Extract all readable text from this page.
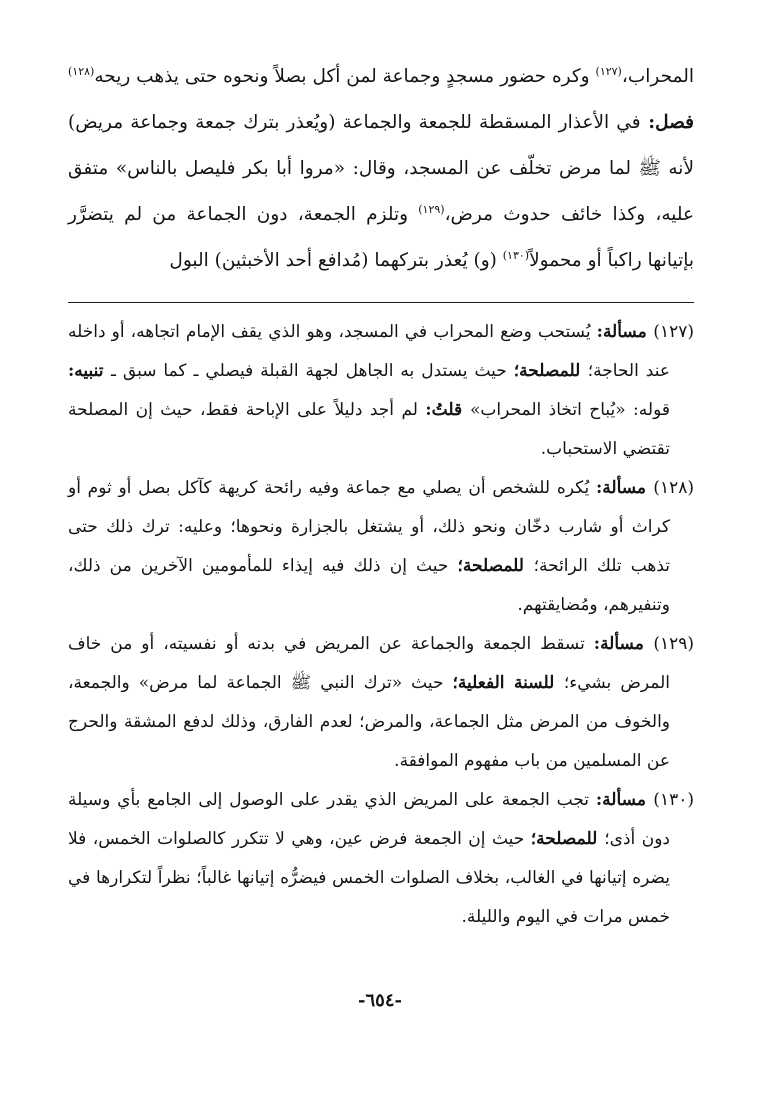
المحراب،$^{(١٢٧)}$ وكره حضور مسجدٍ وجماعة لمن أكل بصلاً ونحوه حتى يذهب ريحه$^{(١٢٨)}$ فصل: في الأعذار المسقطة للجمعة والجماعة (ويُعذر بترك جمعة وجماعة مريض) لأنه ﷺ لما مرض تخلّف عن المسجد، وقال: «مروا أبا بكر فليصل بالناس» متفق عليه، وكذا خائف حدوث مرض،$^{(١٢٩)}$ وتلزم الجمعة، دون الجماعة من لم يتضرَّر بإتيانها راكباً أو محمولاً$^{(١٣٠)}$ (و) يُعذر بتركهما (مُدافع أحد الأخبثين) البول

(١٢٧) مسألة: يُستحب وضع المحراب في المسجد، وهو الذي يقف الإمام اتجاهه، أو داخله عند الحاجة؛ للمصلحة؛ حيث يستدل به الجاهل لجهة القبلة فيصلي ـ كما سبق ـ تنبيه: قوله: «يُباح اتخاذ المحراب» قلتُ: لم أجد دليلاً على الإباحة فقط، حيث إن المصلحة تقتضي الاستحباب.

(١٢٨) مسألة: يُكره للشخص أن يصلي مع جماعة وفيه رائحة كريهة كآكل بصل أو ثوم أو كراث أو شارب دخّان ونحو ذلك، أو يشتغل بالجزارة ونحوها؛ وعليه: ترك ذلك حتى تذهب تلك الرائحة؛ للمصلحة؛ حيث إن ذلك فيه إيذاء للمأمومين الآخرين من ذلك، وتنفيرهم، ومُضايقتهم.

(١٢٩) مسألة: تسقط الجمعة والجماعة عن المريض في بدنه أو نفسيته، أو من خاف المرض بشيء؛ للسنة الفعلية؛ حيث «ترك النبي ﷺ الجماعة لما مرض» والجمعة، والخوف من المرض مثل الجماعة، والمرض؛ لعدم الفارق، وذلك لدفع المشقة والحرج عن المسلمين من باب مفهوم الموافقة.

(١٣٠) مسألة: تجب الجمعة على المريض الذي يقدر على الوصول إلى الجامع بأي وسيلة دون أذى؛ للمصلحة؛ حيث إن الجمعة فرض عين، وهي لا تتكرر كالصلوات الخمس، فلا يضره إتيانها في الغالب، بخلاف الصلوات الخمس فيضرُّه إتيانها غالباً؛ نظراً لتكرارها في خمس مرات في اليوم والليلة.

-٦٥٤-
